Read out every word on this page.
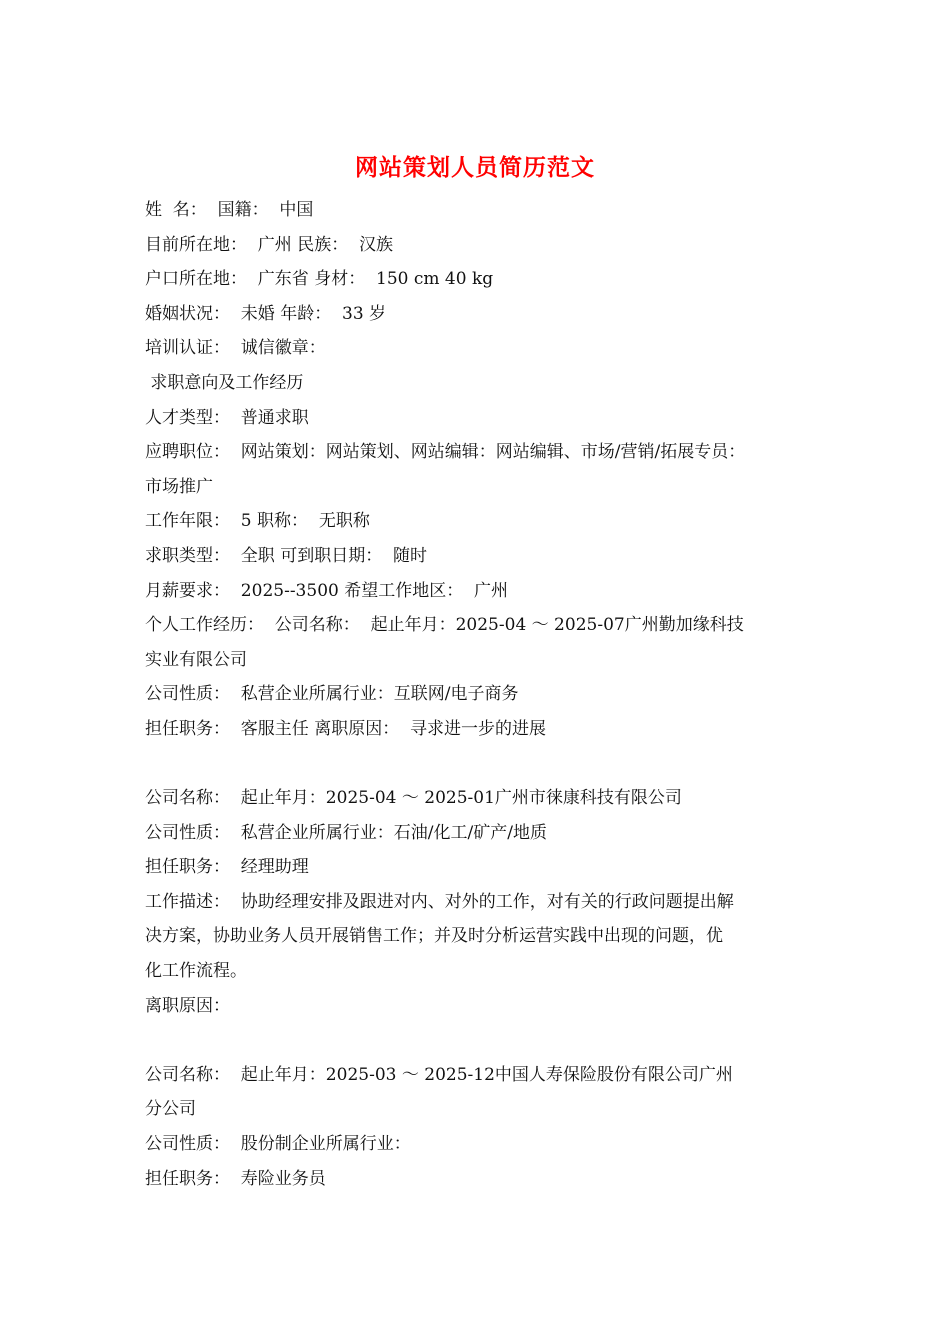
网站策划人员简历范文
姓  名：  国籍：  中国
目前所在地：  广州 民族：  汉族
户口所在地：  广东省 身材：  150 cm 40 kg
婚姻状况：  未婚 年龄：  33 岁
培训认证：  诚信徽章：
求职意向及工作经历
人才类型：  普通求职
应聘职位：  网站策划：网站策划、网站编辑：网站编辑、市场/营销/拓展专员：
市场推广
工作年限：  5 职称：  无职称
求职类型：  全职 可到职日期：  随时
月薪要求：  2025--3500 希望工作地区：  广州
个人工作经历：  公司名称：  起止年月：2025-04 ～ 2025-07广州勤加缘科技
实业有限公司
公司性质：  私营企业所属行业：互联网/电子商务
担任职务：  客服主任 离职原因：  寻求进一步的进展
公司名称：  起止年月：2025-04 ～ 2025-01广州市徕康科技有限公司
公司性质：  私营企业所属行业：石油/化工/矿产/地质
担任职务：  经理助理
工作描述：  协助经理安排及跟进对内、对外的工作，对有关的行政问题提出解
决方案，协助业务人员开展销售工作；并及时分析运营实践中出现的问题，优
化工作流程。
离职原因：
公司名称：  起止年月：2025-03 ～ 2025-12中国人寿保险股份有限公司广州
分公司
公司性质：  股份制企业所属行业：
担任职务：  寿险业务员
